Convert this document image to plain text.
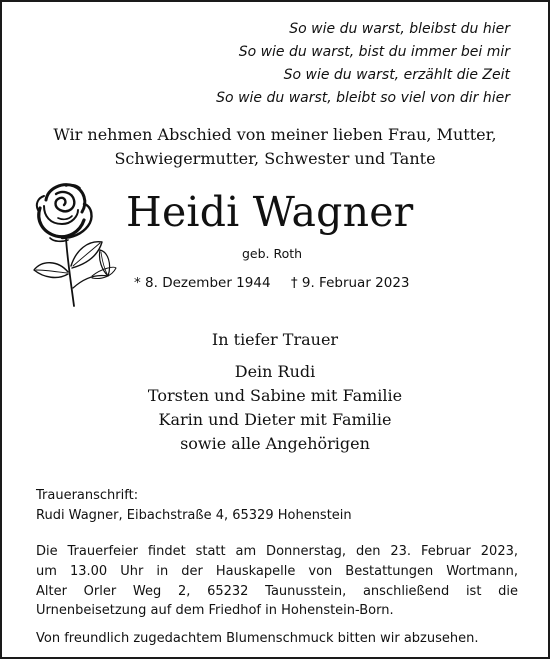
So wie du warst, bleibst du hier
So wie du warst, bist du immer bei mir
So wie du warst, erzählt die Zeit
So wie du warst, bleibt so viel von dir hier
Wir nehmen Abschied von meiner lieben Frau, Mutter,
Schwiegermutter, Schwester und Tante
Heidi Wagner
geb. Roth
* 8. Dezember 1944 † 9. Februar 2023
In tiefer Trauer
Dein Rudi
Torsten und Sabine mit Familie
Karin und Dieter mit Familie
sowie alle Angehörigen
Traueranschrift:
Rudi Wagner, Eibachstraße 4, 65329 Hohenstein
Die Trauerfeier findet statt am Donnerstag, den 23. Februar 2023,
um 13.00 Uhr in der Hauskapelle von Bestattungen Wortmann,
Alter Orler Weg 2, 65232 Taunusstein, anschließend ist die
Urnenbeisetzung auf dem Friedhof in Hohenstein-Born.
Von freundlich zugedachtem Blumenschmuck bitten wir abzusehen.
